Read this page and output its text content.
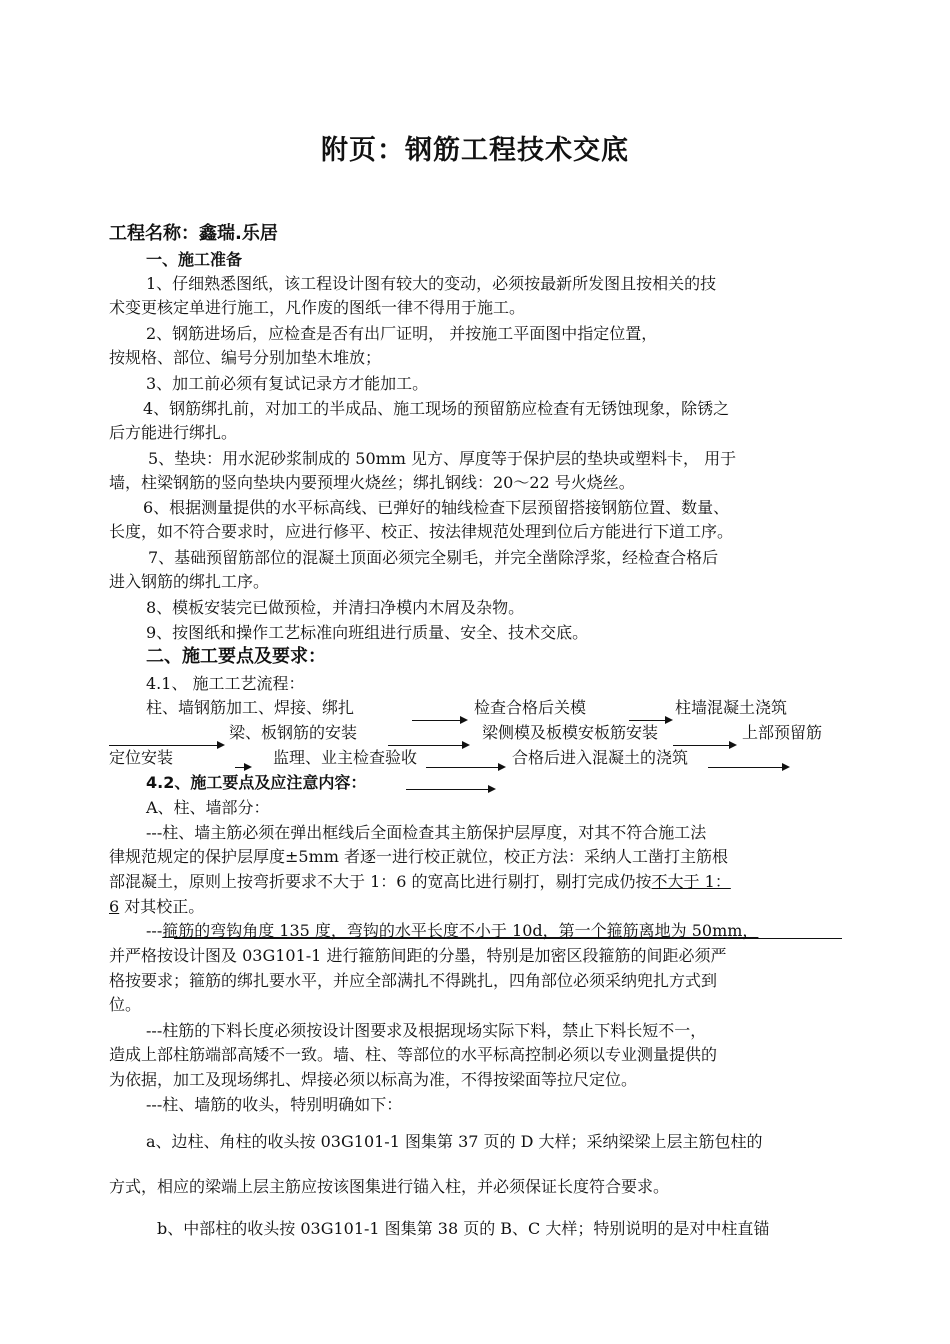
附页：钢筋工程技术交底
工程名称：鑫瑞.乐居
一、施工准备
1、仔细熟悉图纸，该工程设计图有较大的变动，必须按最新所发图且按相关的技
术变更核定单进行施工，凡作废的图纸一律不得用于施工。
2、钢筋进场后，应检查是否有出厂证明， 并按施工平面图中指定位置，
按规格、部位、编号分别加垫木堆放；
3、加工前必须有复试记录方才能加工。
4、钢筋绑扎前，对加工的半成品、施工现场的预留筋应检查有无锈蚀现象，除锈之
后方能进行绑扎。
5、垫块：用水泥砂浆制成的 50mm 见方、厚度等于保护层的垫块或塑料卡， 用于
墙，柱梁钢筋的竖向垫块内要预埋火烧丝；绑扎钢线：20～22 号火烧丝。
6、根据测量提供的水平标高线、已弹好的轴线检查下层预留搭接钢筋位置、数量、
长度，如不符合要求时，应进行修平、校正、按法律规范处理到位后方能进行下道工序。
7、基础预留筋部位的混凝土顶面必须完全剔毛，并完全凿除浮浆，经检查合格后
进入钢筋的绑扎工序。
8、模板安装完已做预检，并清扫净模内木屑及杂物。
9、按图纸和操作工艺标准向班组进行质量、安全、技术交底。
二、施工要点及要求：
4.1、 施工工艺流程：
柱、墙钢筋加工、焊接、绑扎	检查合格后关模	柱墙混凝土浇筑
梁、板钢筋的安装	梁侧模及板模安板筋安装	上部预留筋
定位安装	监理、业主检查验收	合格后进入混凝土的浇筑
4.2、施工要点及应注意内容：
A、柱、墙部分：
---柱、墙主筋必须在弹出框线后全面检查其主筋保护层厚度，对其不符合施工法
律规范规定的保护层厚度±5mm 者逐一进行校正就位，校正方法：采纳人工凿打主筋根
部混凝土，原则上按弯折要求不大于 1：6 的宽高比进行剔打，剔打完成仍按不大于 1：
6 对其校正。
---箍筋的弯钩角度 135 度，弯钩的水平长度不小于 10d，第一个箍筋离地为 50mm，
并严格按设计图及 03G101-1 进行箍筋间距的分墨，特别是加密区段箍筋的间距必须严
格按要求；箍筋的绑扎要水平，并应全部满扎不得跳扎，四角部位必须采纳兜扎方式到
位。
---柱筋的下料长度必须按设计图要求及根据现场实际下料，禁止下料长短不一，
造成上部柱筋端部高矮不一致。墙、柱、等部位的水平标高控制必须以专业测量提供的
为依据，加工及现场绑扎、焊接必须以标高为准，不得按梁面等拉尺定位。
---柱、墙筋的收头，特别明确如下：
a、边柱、角柱的收头按 03G101-1 图集第 37 页的 D 大样；采纳梁梁上层主筋包柱的
方式，相应的梁端上层主筋应按该图集进行锚入柱，并必须保证长度符合要求。
b、中部柱的收头按 03G101-1 图集第 38 页的 B、C 大样；特别说明的是对中柱直锚
